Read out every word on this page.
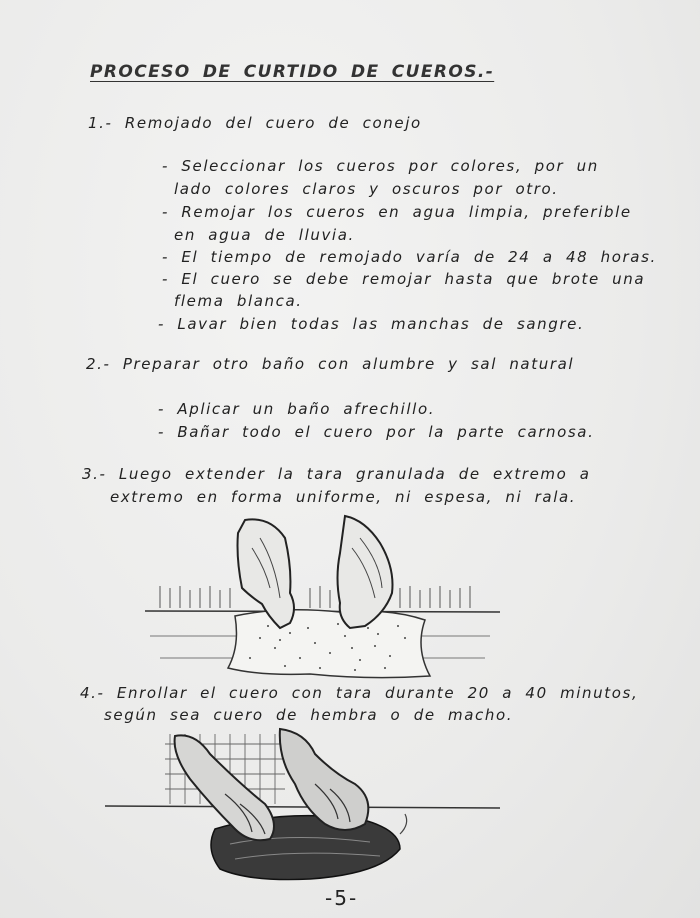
PROCESO DE CURTIDO DE CUEROS.-
1.- Remojado del cuero de conejo
- Seleccionar los cueros por colores, por un
lado colores claros y oscuros por otro.
- Remojar los cueros en agua limpia, preferible
en agua de lluvia.
- El tiempo de remojado varía de 24 a 48 horas.
- El cuero se debe remojar hasta que brote una
flema blanca.
- Lavar bien todas las manchas de sangre.
2.- Preparar otro baño con alumbre y sal natural
- Aplicar un baño afrechillo.
- Bañar todo el cuero por la parte carnosa.
3.- Luego extender la tara granulada de extremo a
extremo en forma uniforme, ni espesa, ni rala.
4.- Enrollar el cuero con tara durante 20 a 40 minutos,
según sea cuero de hembra o de macho.
-5-
